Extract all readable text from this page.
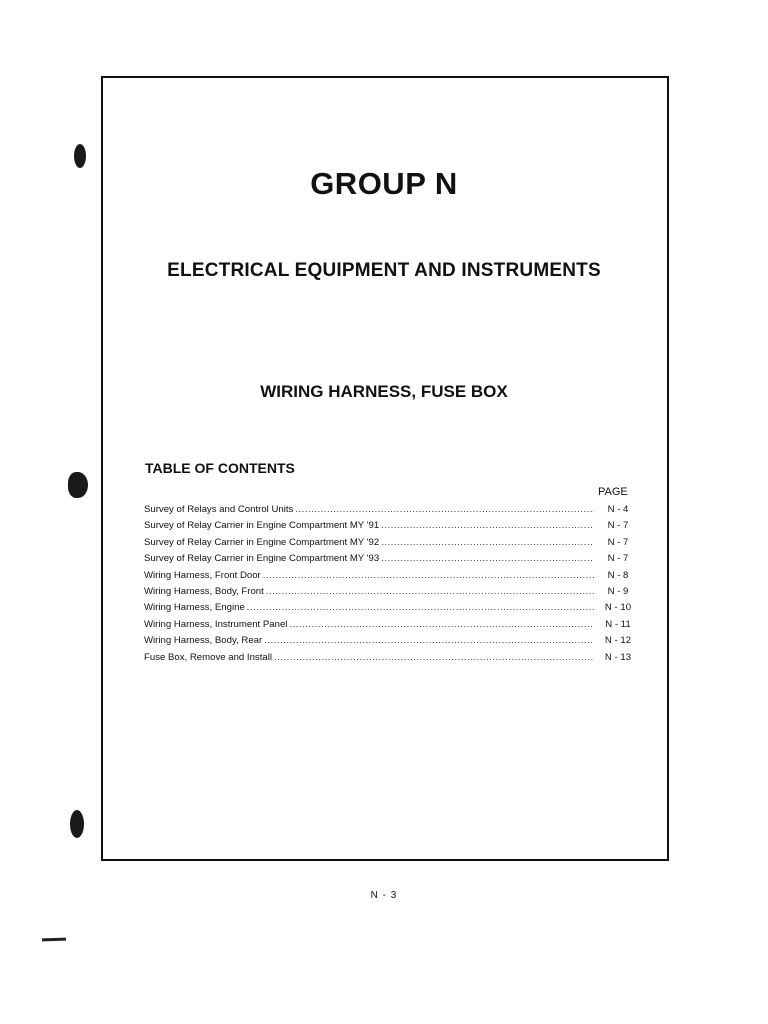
GROUP N
ELECTRICAL EQUIPMENT AND INSTRUMENTS
WIRING HARNESS, FUSE BOX
TABLE OF CONTENTS
PAGE
Survey of Relays and Control Units .....	N - 4
Survey of Relay Carrier in Engine Compartment MY '91 .....	N - 7
Survey of Relay Carrier in Engine Compartment MY '92 .....	N - 7
Survey of Relay Carrier in Engine Compartment MY '93 .....	N - 7
Wiring Harness, Front Door .....	N - 8
Wiring Harness, Body, Front .....	N - 9
Wiring Harness, Engine .....	N - 10
Wiring Harness, Instrument Panel .....	N - 11
Wiring Harness, Body, Rear .....	N - 12
Fuse Box, Remove and Install .....	N - 13
N - 3
